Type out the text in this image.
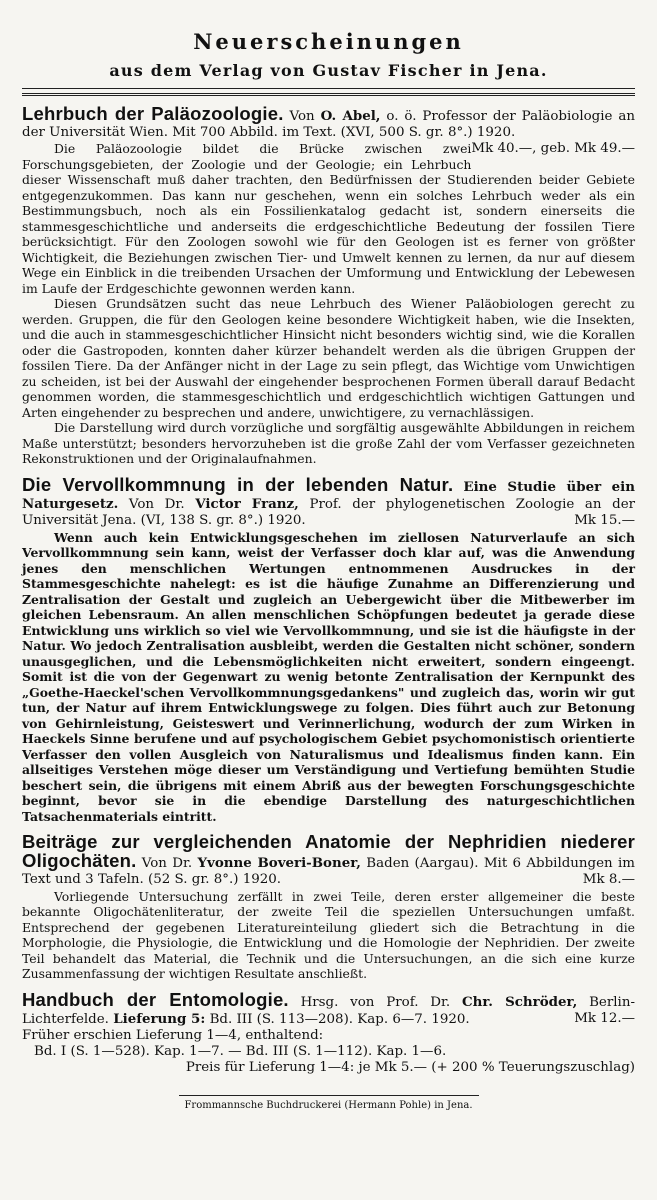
Neuerscheinungen
aus dem Verlag von Gustav Fischer in Jena.

Lehrbuch der Paläozoologie. Von O. Abel, o. ö. Professor der Paläobiologie an der Universität Wien. Mit 700 Abbild. im Text. (XVI, 500 S. gr. 8°.) 1920.
Mk 40.—, geb. Mk 49.—

Die Paläozoologie bildet die Brücke zwischen zwei Forschungsgebieten, der Zoologie und der Geologie; ein Lehrbuch dieser Wissenschaft muß daher trachten, den Bedürfnissen der Studierenden beider Gebiete entgegenzukommen. Das kann nur geschehen, wenn ein solches Lehrbuch weder als ein Bestimmungsbuch, noch als ein Fossilienkatalog gedacht ist, sondern einerseits die stammesgeschichtliche und anderseits die erdgeschichtliche Bedeutung der fossilen Tiere berücksichtigt. Für den Zoologen sowohl wie für den Geologen ist es ferner von größter Wichtigkeit, die Beziehungen zwischen Tier- und Umwelt kennen zu lernen, da nur auf diesem Wege ein Einblick in die treibenden Ursachen der Umformung und Entwicklung der Lebewesen im Laufe der Erdgeschichte gewonnen werden kann.

Diesen Grundsätzen sucht das neue Lehrbuch des Wiener Paläobiologen gerecht zu werden. Gruppen, die für den Geologen keine besondere Wichtigkeit haben, wie die Insekten, und die auch in stammesgeschichtlicher Hinsicht nicht besonders wichtig sind, wie die Korallen oder die Gastropoden, konnten daher kürzer behandelt werden als die übrigen Gruppen der fossilen Tiere. Da der Anfänger nicht in der Lage zu sein pflegt, das Wichtige vom Unwichtigen zu scheiden, ist bei der Auswahl der eingehender besprochenen Formen überall darauf Bedacht genommen worden, die stammesgeschichtlich und erdgeschichtlich wichtigen Gattungen und Arten eingehender zu besprechen und andere, unwichtigere, zu vernachlässigen.

Die Darstellung wird durch vorzügliche und sorgfältig ausgewählte Abbildungen in reichem Maße unterstützt; besonders hervorzuheben ist die große Zahl der vom Verfasser gezeichneten Rekonstruktionen und der Originalaufnahmen.

Die Vervollkommnung in der lebenden Natur. Eine Studie über ein Naturgesetz. Von Dr. Victor Franz, Prof. der phylogenetischen Zoologie an der Universität Jena. (VI, 138 S. gr. 8°.) 1920.	Mk 15.—

Wenn auch kein Entwicklungsgeschehen im ziellosen Naturverlaufe an sich Vervollkommnung sein kann, weist der Verfasser doch klar auf, was die Anwendung jenes den menschlichen Wertungen entnommenen Ausdruckes in der Stammesgeschichte nahelegt: es ist die häufige Zunahme an Differenzierung und Zentralisation der Gestalt und zugleich an Uebergewicht über die Mitbewerber im gleichen Lebensraum. An allen menschlichen Schöpfungen bedeutet ja gerade diese Entwicklung uns wirklich so viel wie Vervollkommnung, und sie ist die häufigste in der Natur. Wo jedoch Zentralisation ausbleibt, werden die Gestalten nicht schöner, sondern unausgeglichen, und die Lebensmöglichkeiten nicht erweitert, sondern eingeengt. Somit ist die von der Gegenwart zu wenig betonte Zentralisation der Kernpunkt des „Goethe-Haeckel'schen Vervollkommnungsgedankens" und zugleich das, worin wir gut tun, der Natur auf ihrem Entwicklungswege zu folgen. Dies führt auch zur Betonung von Gehirnleistung, Geisteswert und Verinnerlichung, wodurch der zum Wirken in Haeckels Sinne berufene und auf psychologischem Gebiet psychomonistisch orientierte Verfasser den vollen Ausgleich von Naturalismus und Idealismus finden kann. Ein allseitiges Verstehen möge dieser um Verständigung und Vertiefung bemühten Studie beschert sein, die übrigens mit einem Abriß aus der bewegten Forschungsgeschichte beginnt, bevor sie in die ebendige Darstellung des naturgeschichtlichen Tatsachenmaterials eintritt.

Beiträge zur vergleichenden Anatomie der Nephridien niederer Oligochäten. Von Dr. Yvonne Boveri-Boner, Baden (Aargau). Mit 6 Abbildungen im Text und 3 Tafeln. (52 S. gr. 8°.) 1920.	Mk 8.—

Vorliegende Untersuchung zerfällt in zwei Teile, deren erster allgemeiner die beste bekannte Oligochätenliteratur, der zweite Teil die speziellen Untersuchungen umfaßt. Entsprechend der gegebenen Literatureinteilung gliedert sich die Betrachtung in die Morphologie, die Physiologie, die Entwicklung und die Homologie der Nephridien. Der zweite Teil behandelt das Material, die Technik und die Untersuchungen, an die sich eine kurze Zusammenfassung der wichtigen Resultate anschließt.

Handbuch der Entomologie. Hrsg. von Prof. Dr. Chr. Schröder, Berlin-Lichterfelde. Lieferung 5: Bd. III (S. 113—208). Kap. 6—7. 1920.	Mk 12.—

Früher erschien Lieferung 1—4, enthaltend:

Bd. I (S. 1—528). Kap. 1—7. — Bd. III (S. 1—112). Kap. 1—6.

Preis für Lieferung 1—4: je Mk 5.— (+ 200 % Teuerungszuschlag)

Frommannsche Buchdruckerei (Hermann Pohle) in Jena.
